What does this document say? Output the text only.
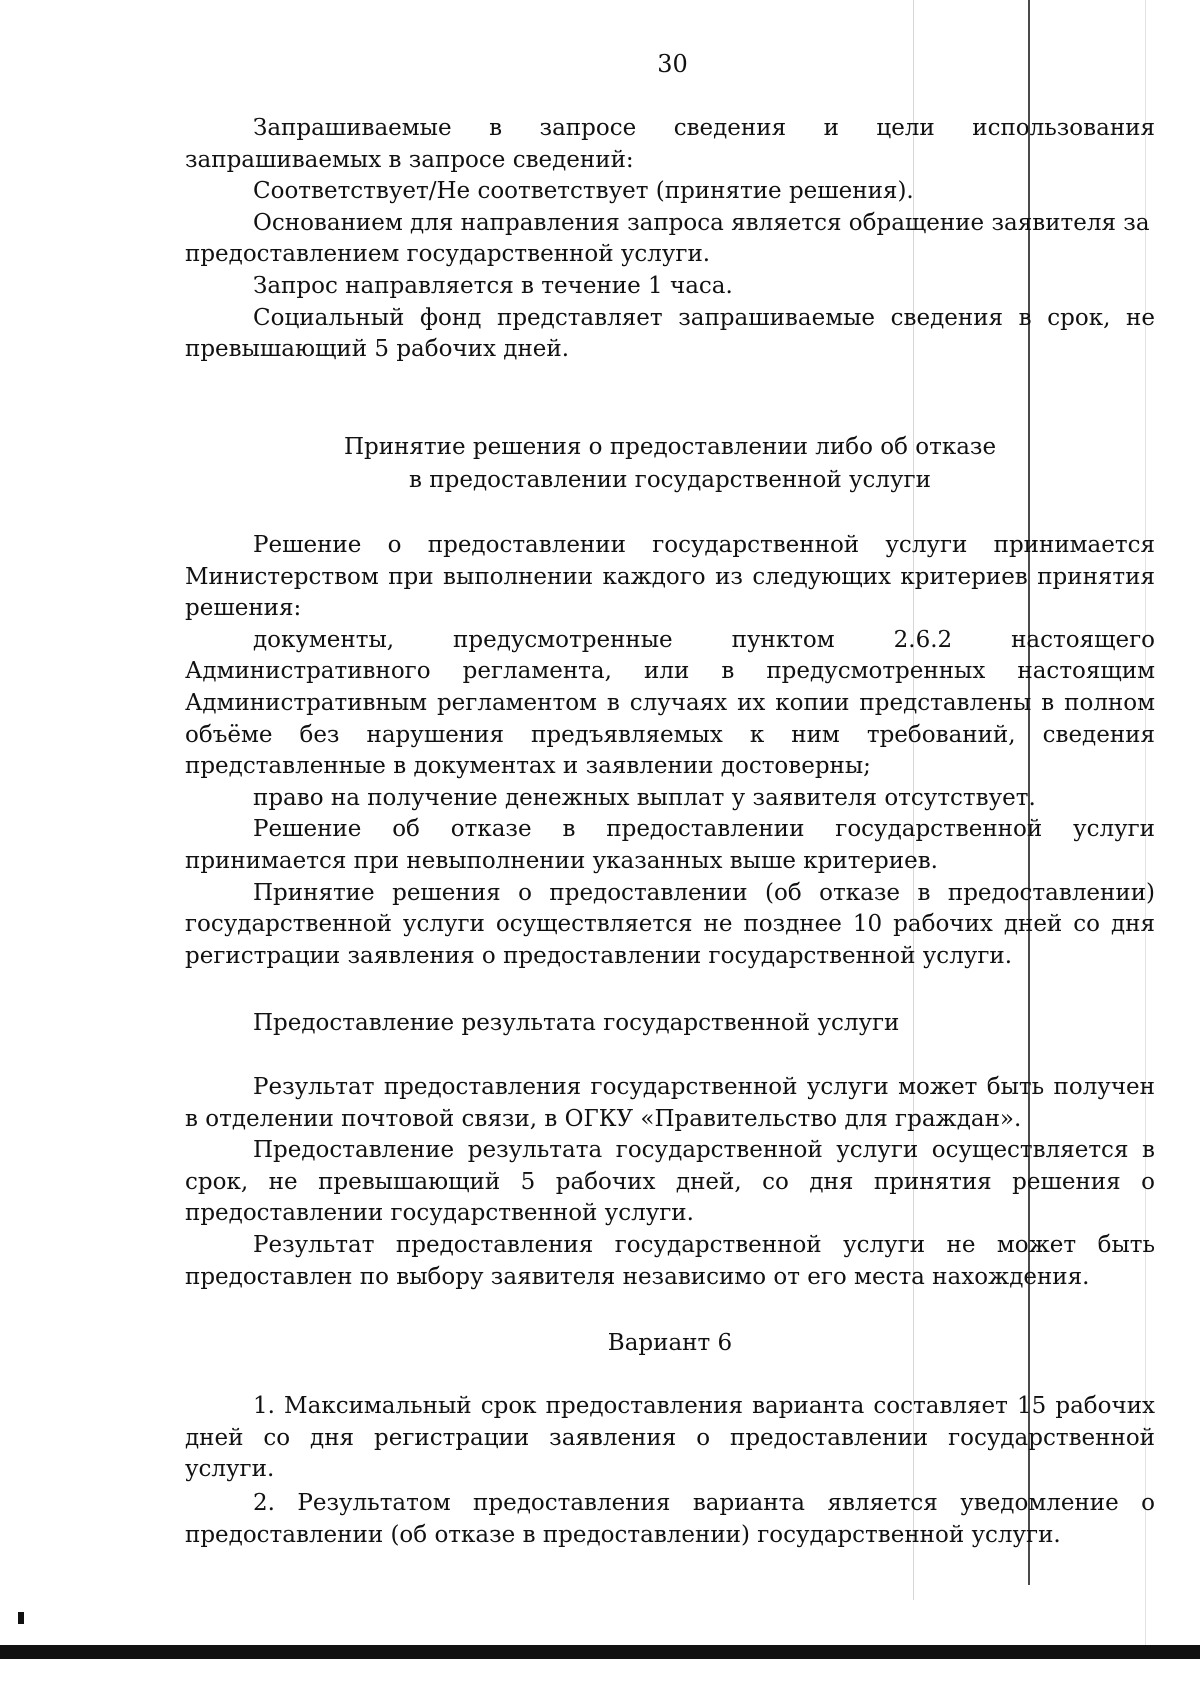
30

Запрашиваемые в запросе сведения и цели использования запрашиваемых в запросе сведений:

Соответствует/Не соответствует (принятие решения).

Основанием для направления запроса является обращение заявителя за предоставлением государственной услуги.

Запрос направляется в течение 1 часа.

Социальный фонд представляет запрашиваемые сведения в срок, не превышающий 5 рабочих дней.

Принятие решения о предоставлении либо об отказе
в предоставлении государственной услуги

Решение о предоставлении государственной услуги принимается Министерством при выполнении каждого из следующих критериев принятия решения:

документы, предусмотренные пунктом 2.6.2 настоящего Административного регламента, или в предусмотренных настоящим Административным регламентом в случаях их копии представлены в полном объёме без нарушения предъявляемых к ним требований, сведения представленные в документах и заявлении достоверны;

право на получение денежных выплат у заявителя отсутствует.

Решение об отказе в предоставлении государственной услуги принимается при невыполнении указанных выше критериев.

Принятие решения о предоставлении (об отказе в предоставлении) государственной услуги осуществляется не позднее 10 рабочих дней со дня регистрации заявления о предоставлении государственной услуги.

Предоставление результата государственной услуги

Результат предоставления государственной услуги может быть получен в отделении почтовой связи, в ОГКУ «Правительство для граждан».

Предоставление результата государственной услуги осуществляется в срок, не превышающий 5 рабочих дней, со дня принятия решения о предоставлении государственной услуги.

Результат предоставления государственной услуги не может быть предоставлен по выбору заявителя независимо от его места нахождения.

Вариант 6

1. Максимальный срок предоставления варианта составляет 15 рабочих дней со дня регистрации заявления о предоставлении государственной услуги.

2. Результатом предоставления варианта является уведомление о предоставлении (об отказе в предоставлении) государственной услуги.
